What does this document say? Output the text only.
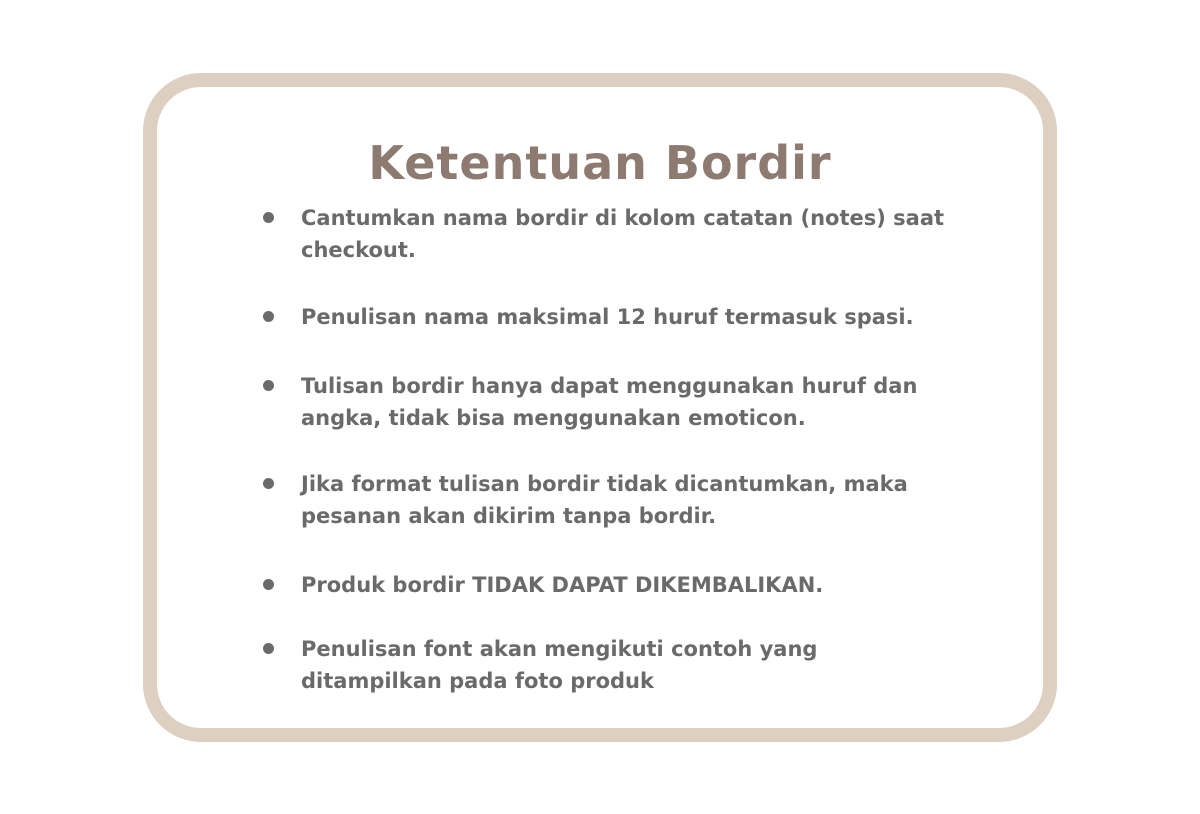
Ketentuan Bordir
Cantumkan nama bordir di kolom catatan (notes) saat checkout.
Penulisan nama maksimal 12 huruf termasuk spasi.
Tulisan bordir hanya dapat menggunakan huruf dan angka, tidak bisa menggunakan emoticon.
Jika format tulisan bordir tidak dicantumkan, maka pesanan akan dikirim tanpa bordir.
Produk bordir TIDAK DAPAT DIKEMBALIKAN.
Penulisan font akan mengikuti contoh yang ditampilkan pada foto produk
